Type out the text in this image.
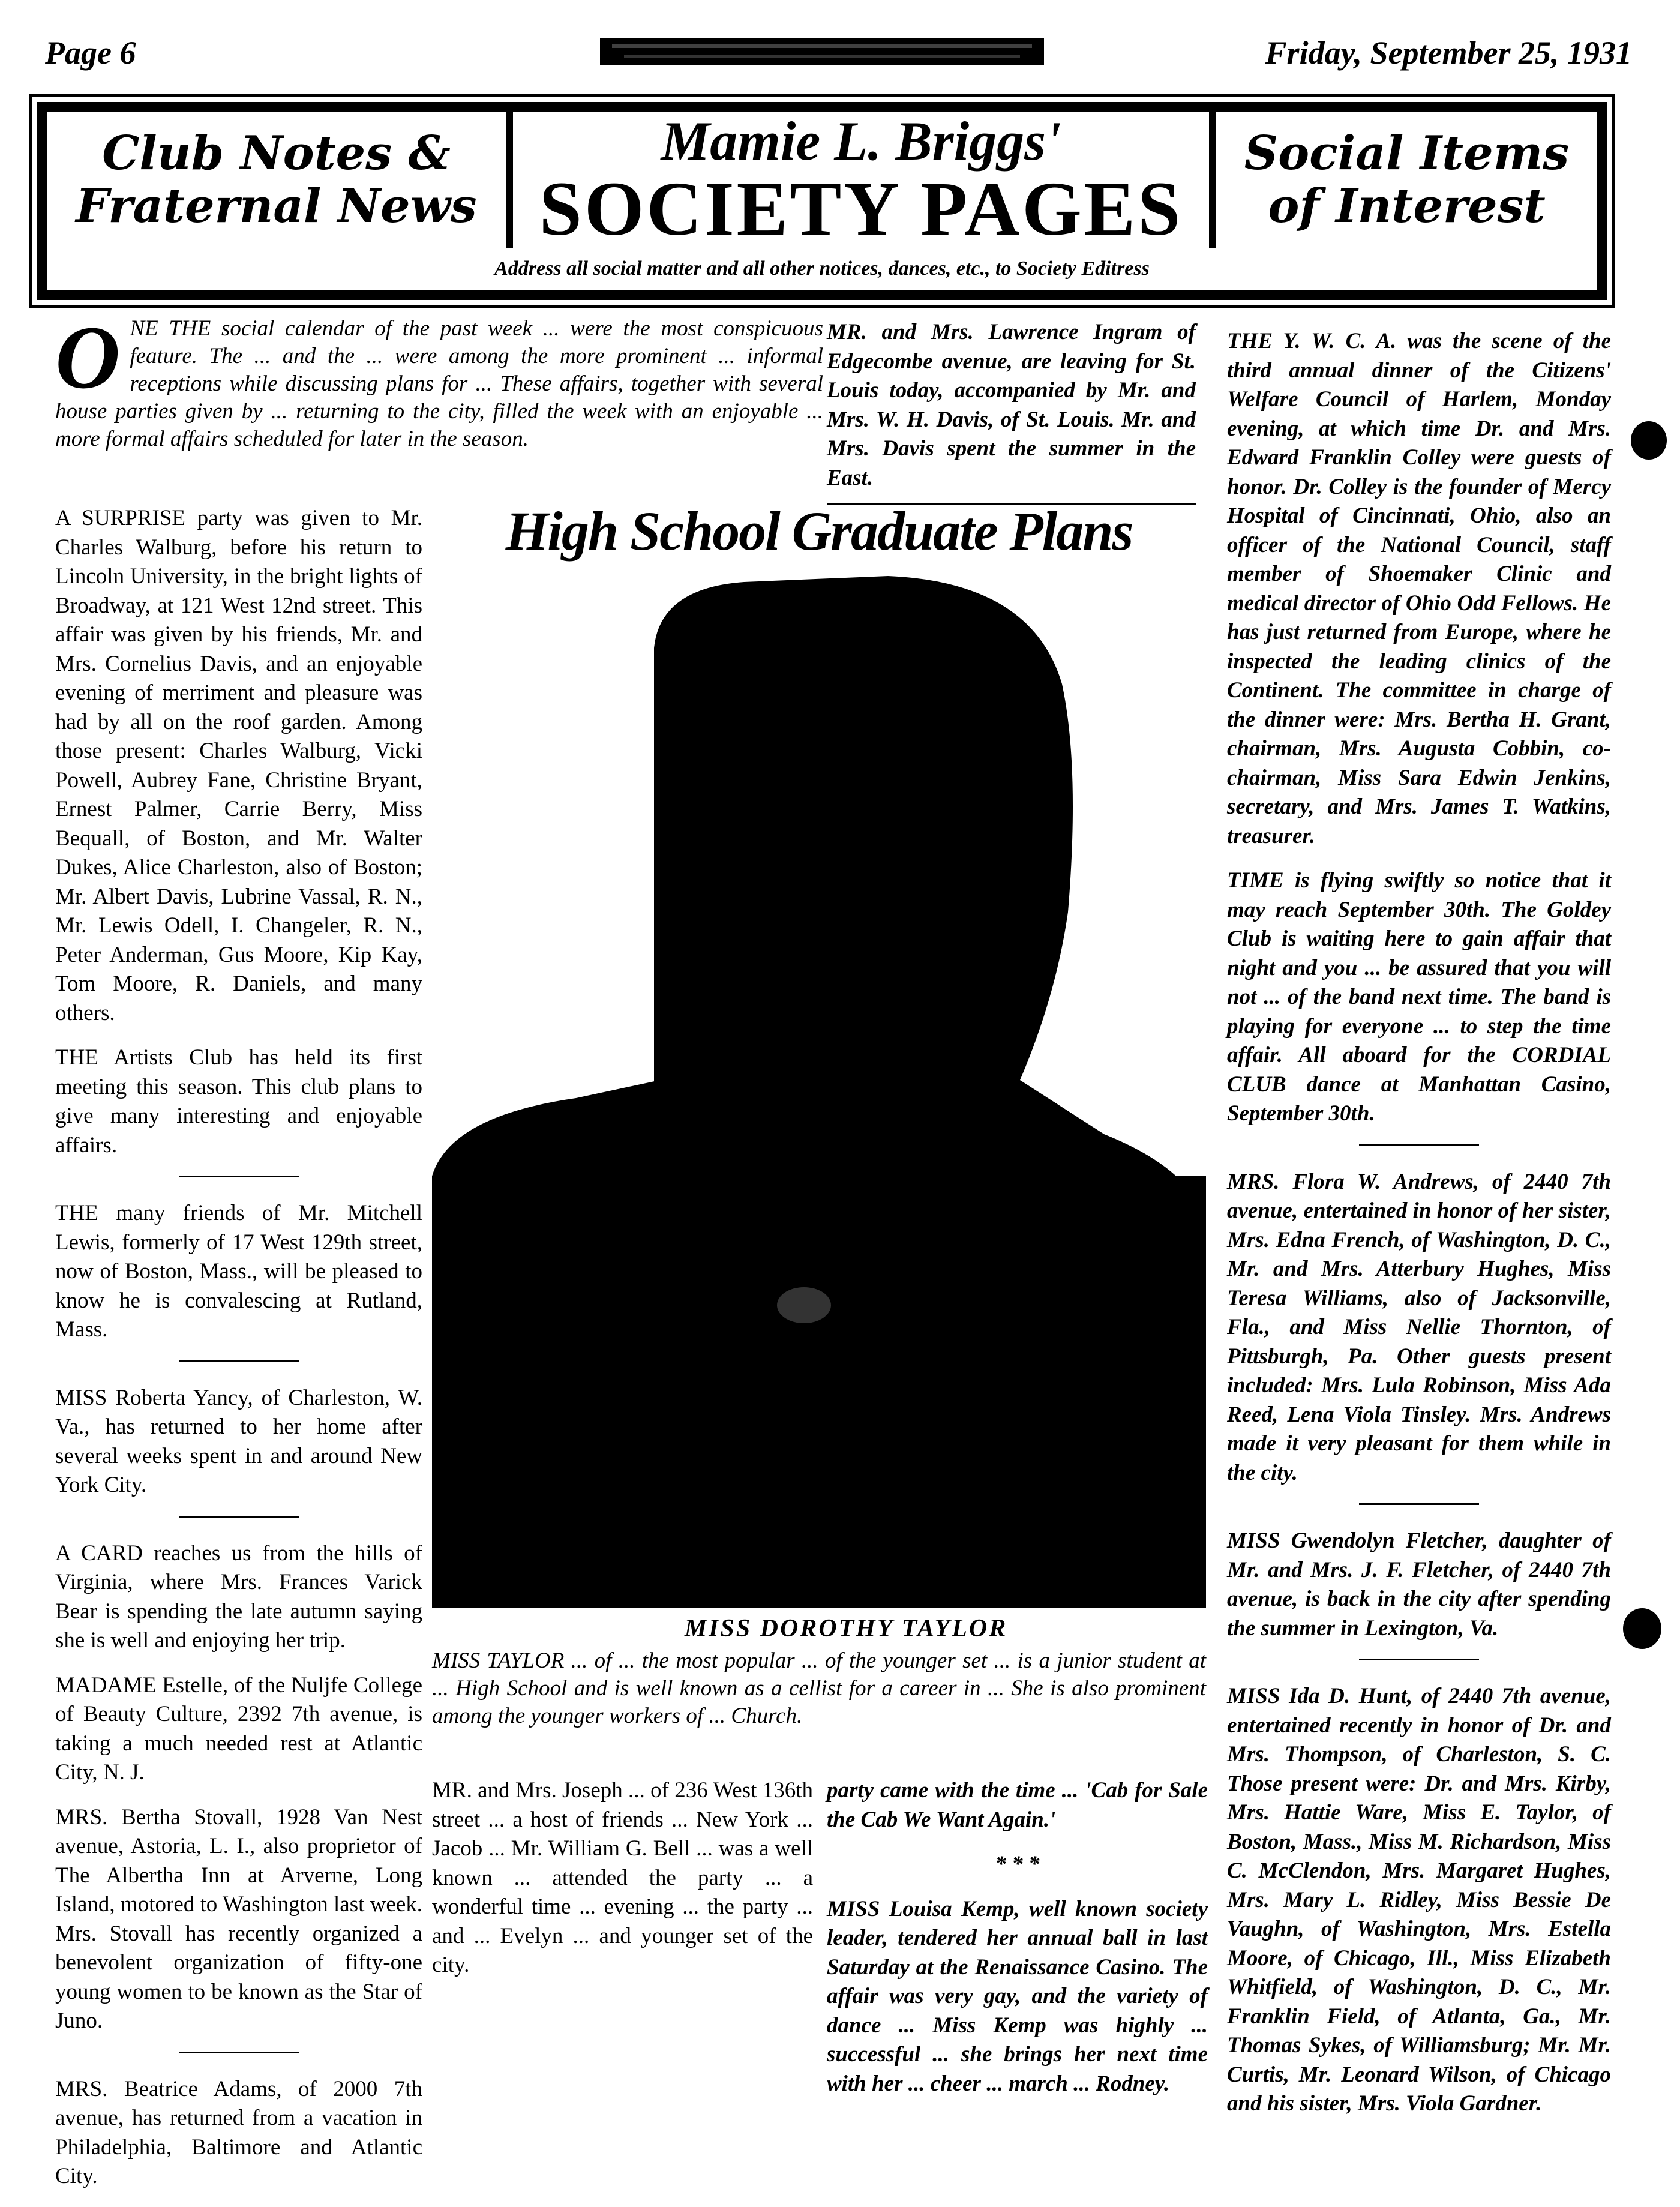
Page 6	Friday, September 25, 1931
Club Notes &
Fraternal News
Mamie L. Briggs'
SOCIETY PAGES
Social Items
of Interest
Address all social matter and all other notices, dances, etc., to Society Editress
O NE THE social calendar of the past week ... were the most conspicuous feature. The ... and the ... were among the more prominent ... informal receptions while discussing plans for ... These affairs, together with several house parties given by ... returning to the city, filled the week with an enjoyable ... more formal affairs scheduled for later in the season.

A SURPRISE party was given to Mr. Charles Walburg, before his return to Lincoln University, in the bright lights of Broadway, at 121 West 12nd street. This affair was given by his friends, Mr. and Mrs. Cornelius Davis, and an enjoyable evening of merriment and pleasure was had by all on the roof garden. Among those present: Charles Walburg, Vicki Powell, Aubrey Fane, Christine Bryant, Ernest Palmer, Carrie Berry, Miss Bequall, of Boston, and Mr. Walter Dukes, Alice Charleston, also of Boston; Mr. Albert Davis, Lubrine Vassal, R. N., Mr. Lewis Odell, I. Changeler, R. N., Peter Anderman, Gus Moore, Kip Kay, Tom Moore, R. Daniels, and many others.

THE Artists Club has held its first meeting this season. This club plans to give many interesting and enjoyable affairs.

THE many friends of Mr. Mitchell Lewis, formerly of 17 West 129th street, now of Boston, Mass., will be pleased to know he is convalescing at Rutland, Mass.

MISS Roberta Yancy, of Charleston, W. Va., has returned to her home after several weeks spent in and around New York City.

A CARD reaches us from the hills of Virginia, where Mrs. Frances Varick Bear is spending the late autumn saying she is well and enjoying her trip.

MADAME Estelle, of the Nuljfe College of Beauty Culture, 2392 7th avenue, is taking a much needed rest at Atlantic City, N. J.

MRS. Bertha Stovall, 1928 Van Nest avenue, Astoria, L. I., also proprietor of The Albertha Inn at Arverne, Long Island, motored to Washington last week. Mrs. Stovall has recently organized a benevolent organization of fifty-one young women to be known as the Star of Juno.

MRS. Beatrice Adams, of 2000 7th avenue, has returned from a vacation in Philadelphia, Baltimore and Atlantic City.

MR. and Mrs. Lawrence Ingram of Edgecombe avenue, are leaving for St. Louis today, accompanied by Mr. and Mrs. W. H. Davis, of St. Louis. Mr. and Mrs. Davis spent the summer in the East.

High School Graduate Plans
MISS DOROTHY TAYLOR
MISS TAYLOR ... of ... the most popular ... of the younger set ... is a junior student at ... High School and is well known as a cellist for a career in ... She is also prominent among the younger workers of ... Church.

MR. and Mrs. Joseph ... of 236 West 136th street ... a host of friends ... New York ... Jacob ... Mr. William G. Bell ... was a well known ... attended the party ... a wonderful time ... evening ... the party ... and ... Evelyn ... and younger set of the city.

party came with the time ... 'Cab for Sale the Cab We Want Again.'

* * *

MISS Louisa Kemp, well known society leader, tendered her annual ball in last Saturday at the Renaissance Casino. The affair was very gay, and the variety of dance ... Miss Kemp was highly ... successful ... she brings her next time with her ... cheer ... march ... Rodney.

THE Y. W. C. A. was the scene of the third annual dinner of the Citizens' Welfare Council of Harlem, Monday evening, at which time Dr. and Mrs. Edward Franklin Colley were guests of honor. Dr. Colley is the founder of Mercy Hospital of Cincinnati, Ohio, also an officer of the National Council, staff member of Shoemaker Clinic and medical director of Ohio Odd Fellows. He has just returned from Europe, where he inspected the leading clinics of the Continent. The committee in charge of the dinner were: Mrs. Bertha H. Grant, chairman, Mrs. Augusta Cobbin, co-chairman, Miss Sara Edwin Jenkins, secretary, and Mrs. James T. Watkins, treasurer.

TIME is flying swiftly so notice that it may reach September 30th. The Goldey Club is waiting here to gain affair that night and you ... be assured that you will not ... of the band next time. The band is playing for everyone ... to step the time affair. All aboard for the CORDIAL CLUB dance at Manhattan Casino, September 30th.

MRS. Flora W. Andrews, of 2440 7th avenue, entertained in honor of her sister, Mrs. Edna French, of Washington, D. C., Mr. and Mrs. Atterbury Hughes, Miss Teresa Williams, also of Jacksonville, Fla., and Miss Nellie Thornton, of Pittsburgh, Pa. Other guests present included: Mrs. Lula Robinson, Miss Ada Reed, Lena Viola Tinsley. Mrs. Andrews made it very pleasant for them while in the city.

MISS Gwendolyn Fletcher, daughter of Mr. and Mrs. J. F. Fletcher, of 2440 7th avenue, is back in the city after spending the summer in Lexington, Va.

MISS Ida D. Hunt, of 2440 7th avenue, entertained recently in honor of Dr. and Mrs. Thompson, of Charleston, S. C. Those present were: Dr. and Mrs. Kirby, Mrs. Hattie Ware, Miss E. Taylor, of Boston, Mass., Miss M. Richardson, Miss C. McClendon, Mrs. Margaret Hughes, Mrs. Mary L. Ridley, Miss Bessie De Vaughn, of Washington, Mrs. Estella Moore, of Chicago, Ill., Miss Elizabeth Whitfield, of Washington, D. C., Mr. Franklin Field, of Atlanta, Ga., Mr. Thomas Sykes, of Williamsburg; Mr. Mr. Curtis, Mr. Leonard Wilson, of Chicago and his sister, Mrs. Viola Gardner.
